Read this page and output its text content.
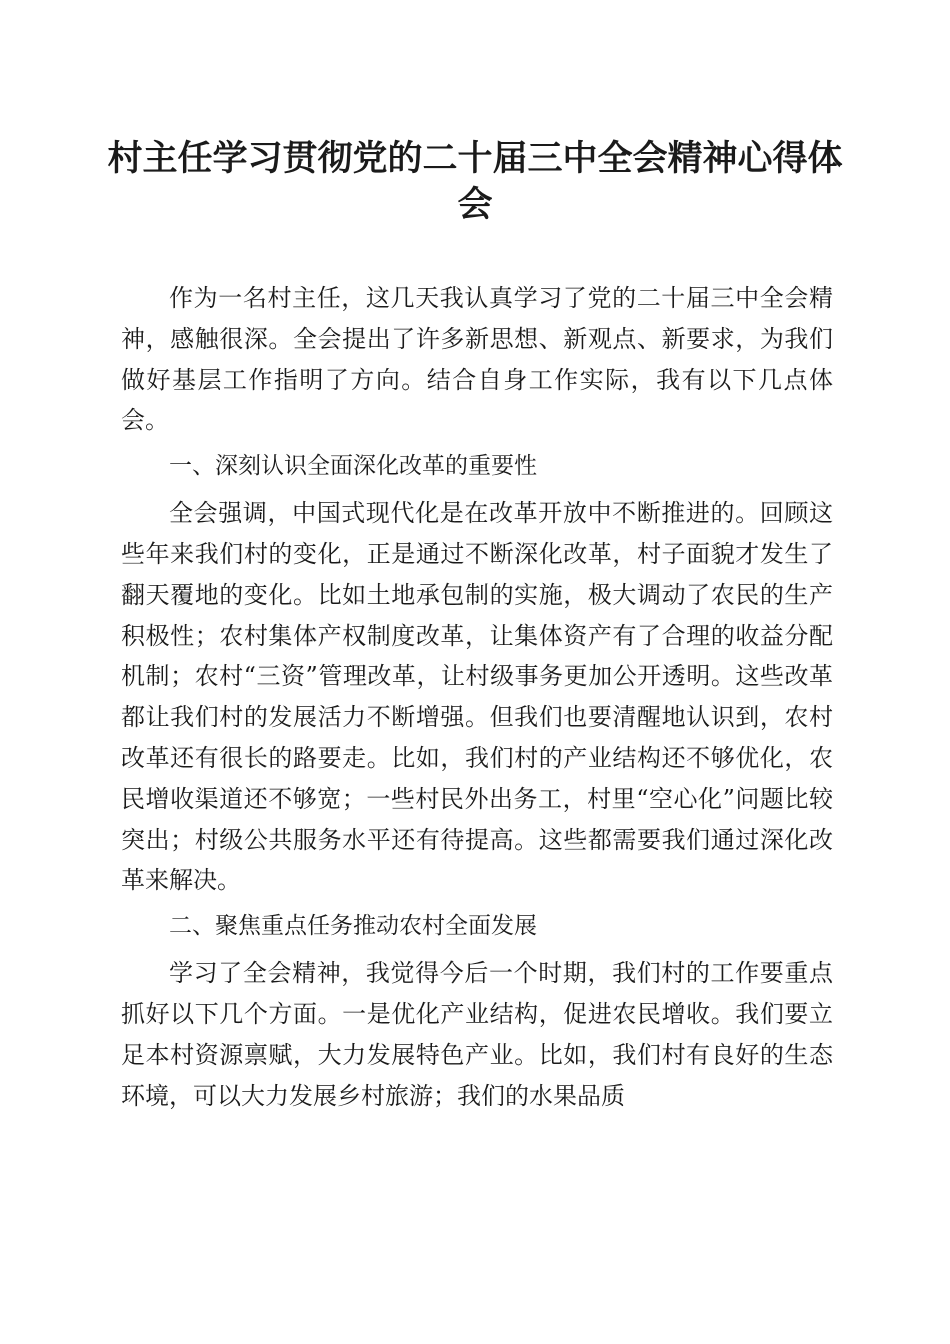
村主任学习贯彻党的二十届三中全会精神心得体会

作为一名村主任，这几天我认真学习了党的二十届三中全会精神，感触很深。全会提出了许多新思想、新观点、新要求，为我们做好基层工作指明了方向。结合自身工作实际，我有以下几点体会。

一、深刻认识全面深化改革的重要性

全会强调，中国式现代化是在改革开放中不断推进的。回顾这些年来我们村的变化，正是通过不断深化改革，村子面貌才发生了翻天覆地的变化。比如土地承包制的实施，极大调动了农民的生产积极性；农村集体产权制度改革，让集体资产有了合理的收益分配机制；农村“三资”管理改革，让村级事务更加公开透明。这些改革都让我们村的发展活力不断增强。但我们也要清醒地认识到，农村改革还有很长的路要走。比如，我们村的产业结构还不够优化，农民增收渠道还不够宽；一些村民外出务工，村里“空心化”问题比较突出；村级公共服务水平还有待提高。这些都需要我们通过深化改革来解决。

二、聚焦重点任务推动农村全面发展

学习了全会精神，我觉得今后一个时期，我们村的工作要重点抓好以下几个方面。一是优化产业结构，促进农民增收。我们要立足本村资源禀赋，大力发展特色产业。比如，我们村有良好的生态环境，可以大力发展乡村旅游；我们的水果品质
